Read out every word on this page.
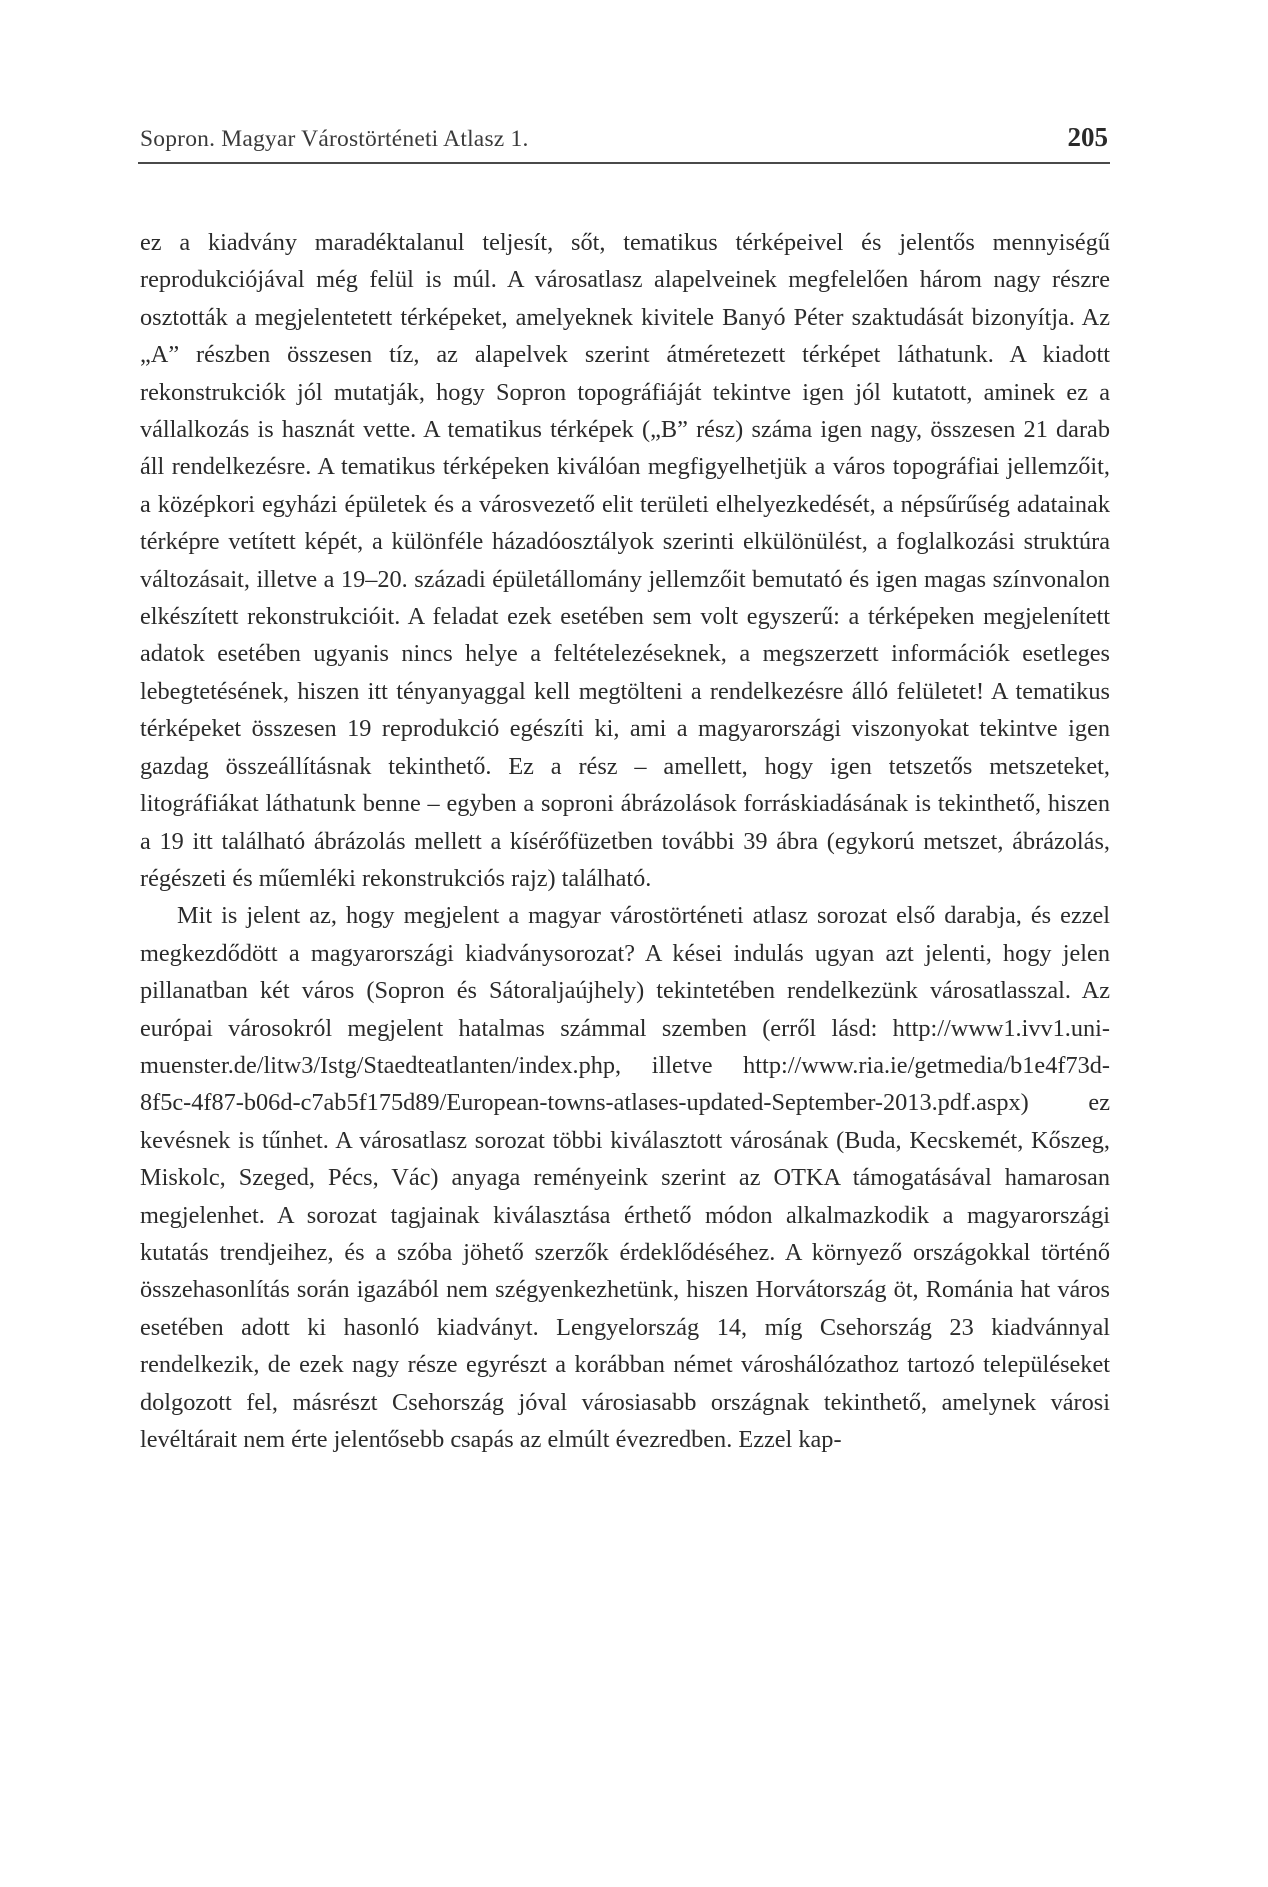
Sopron. Magyar Várostörténeti Atlasz 1.	205

ez a kiadvány maradéktalanul teljesít, sőt, tematikus térképeivel és jelentős mennyiségű reprodukciójával még felül is múl. A városatlasz alapelveinek megfelelően három nagy részre osztották a megjelentetett térképeket, amelyeknek kivitele Banyó Péter szaktudását bizonyítja. Az „A” részben összesen tíz, az alapelvek szerint átméretezett térképet láthatunk. A kiadott rekonstrukciók jól mutatják, hogy Sopron topográfiáját tekintve igen jól kutatott, aminek ez a vállalkozás is hasznát vette. A tematikus térképek („B” rész) száma igen nagy, összesen 21 darab áll rendelkezésre. A tematikus térképeken kiválóan megfigyelhetjük a város topográfiai jellemzőit, a középkori egyházi épületek és a városvezető elit területi elhelyezkedését, a népsűrűség adatainak térképre vetített képét, a különféle házadóosztályok szerinti elkülönülést, a foglalkozási struktúra változásait, illetve a 19–20. századi épületállomány jellemzőit bemutató és igen magas színvonalon elkészített rekonstrukcióit. A feladat ezek esetében sem volt egyszerű: a térképeken megjelenített adatok esetében ugyanis nincs helye a feltételezéseknek, a megszerzett információk esetleges lebegtetésének, hiszen itt tényanyaggal kell megtölteni a rendelkezésre álló felületet! A tematikus térképeket összesen 19 reprodukció egészíti ki, ami a magyarországi viszonyokat tekintve igen gazdag összeállításnak tekinthető. Ez a rész – amellett, hogy igen tetszetős metszeteket, litográfiákat láthatunk benne – egyben a soproni ábrázolások forráskiadásának is tekinthető, hiszen a 19 itt található ábrázolás mellett a kísérőfüzetben további 39 ábra (egykorú metszet, ábrázolás, régészeti és műemléki rekonstrukciós rajz) található.

Mit is jelent az, hogy megjelent a magyar várostörténeti atlasz sorozat első darabja, és ezzel megkezdődött a magyarországi kiadványsorozat? A kései indulás ugyan azt jelenti, hogy jelen pillanatban két város (Sopron és Sátoraljaújhely) tekintetében rendelkezünk városatlasszal. Az európai városokról megjelent hatalmas számmal szemben (erről lásd: http://www1.ivv1.uni-muenster.​de/litw3/Istg/Staedteatlanten/index.php, illetve http://www.ria.ie/getmedia/​b1e4f73d-8f5c-4f87-b06d-c7ab5f175d89/European-towns-atlases-updated-​September-2013.pdf.aspx) ez kevésnek is tűnhet. A városatlasz sorozat többi kiválasztott városának (Buda, Kecskemét, Kőszeg, Miskolc, Szeged, Pécs, Vác) anyaga reményeink szerint az OTKA támogatásával hamarosan megjelenhet. A sorozat tagjainak kiválasztása érthető módon alkalmazkodik a magyarországi kutatás trendjeihez, és a szóba jöhető szerzők érdeklődéséhez. A környező országokkal történő összehasonlítás során igazából nem szégyenkezhetünk, hiszen Horvátország öt, Románia hat város esetében adott ki hasonló kiadványt. Lengyelország 14, míg Csehország 23 kiadvánnyal rendelkezik, de ezek nagy része egyrészt a korábban német városhálózathoz tartozó településeket dolgozott fel, másrészt Csehország jóval városiasabb országnak tekinthető, amelynek városi levéltárait nem érte jelentősebb csapás az elmúlt évezredben. Ezzel kap-
